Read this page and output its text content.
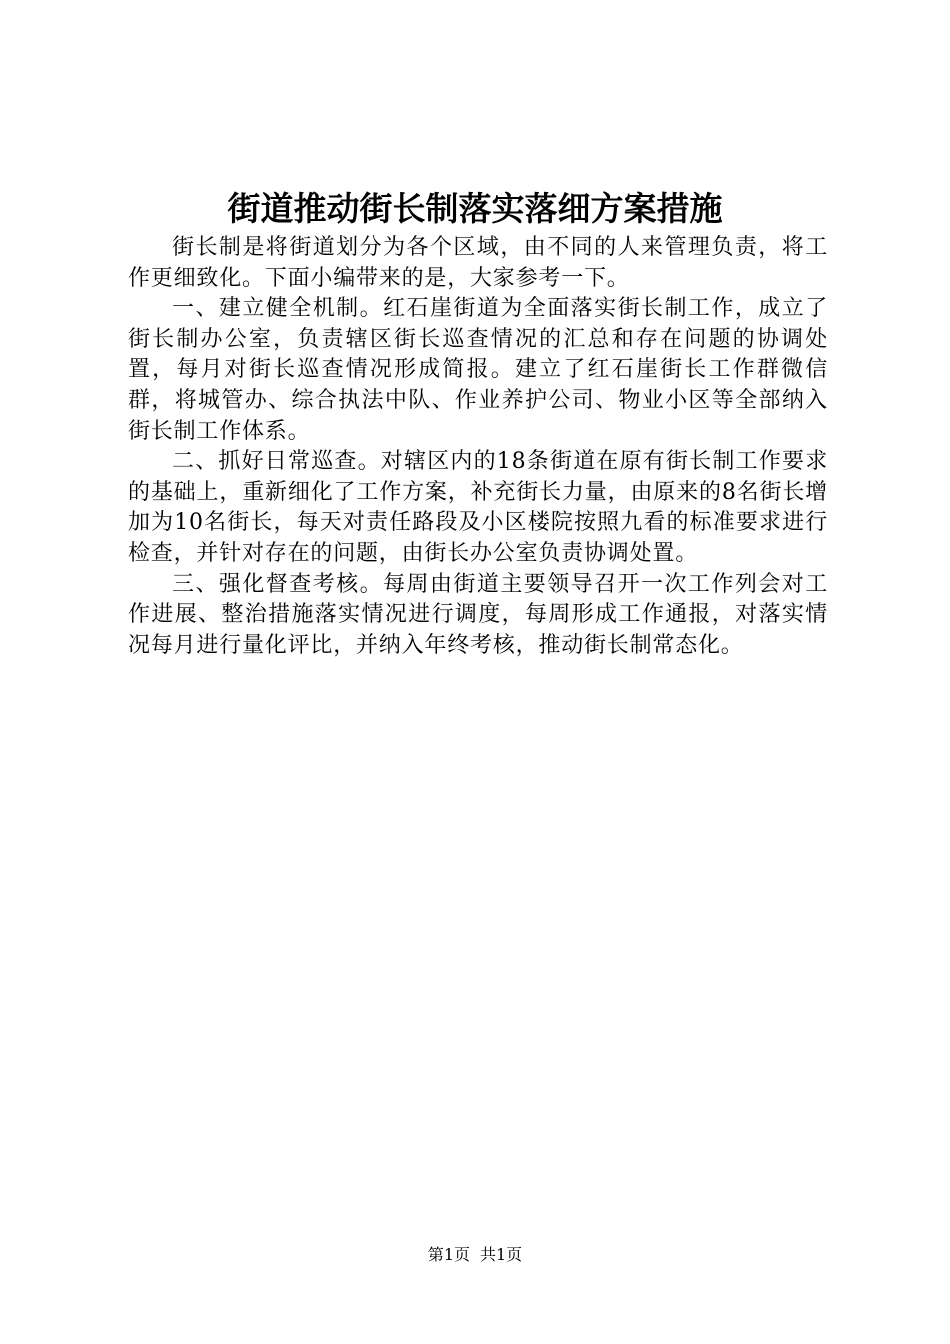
街道推动街长制落实落细方案措施

街长制是将街道划分为各个区域，由不同的人来管理负责，将工作更细致化。下面小编带来的是，大家参考一下。

一、建立健全机制。红石崖街道为全面落实街长制工作，成立了街长制办公室，负责辖区街长巡查情况的汇总和存在问题的协调处置，每月对街长巡查情况形成简报。建立了红石崖街长工作群微信群，将城管办、综合执法中队、作业养护公司、物业小区等全部纳入街长制工作体系。

二、抓好日常巡查。对辖区内的18条街道在原有街长制工作要求的基础上，重新细化了工作方案，补充街长力量，由原来的8名街长增加为10名街长，每天对责任路段及小区楼院按照九看的标准要求进行检查，并针对存在的问题，由街长办公室负责协调处置。

三、强化督查考核。每周由街道主要领导召开一次工作列会对工作进展、整治措施落实情况进行调度，每周形成工作通报，对落实情况每月进行量化评比，并纳入年终考核，推动街长制常态化。

第1页 共1页
